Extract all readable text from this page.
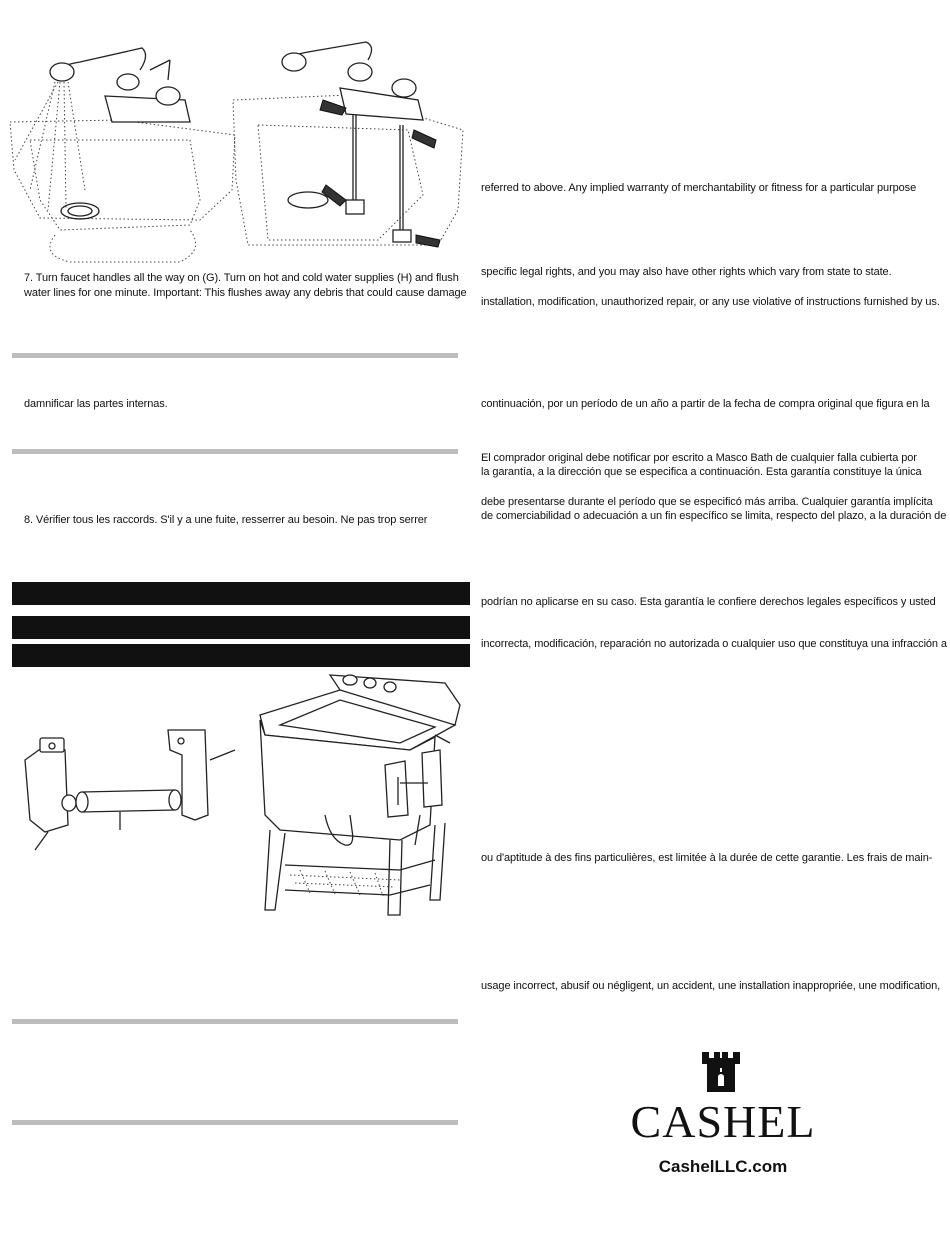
7. Turn faucet handles all the way on (G). Turn on hot and cold water supplies (H) and flush
water lines for one minute. Important: This flushes away any debris that could cause damage
damnificar las partes internas.
8. Vérifier tous les raccords. S'il y a une fuite, resserrer au besoin. Ne pas trop serrer
referred to above. Any implied warranty of merchantability or fitness for a particular purpose
specific legal rights, and you may also have other rights which vary from state to state.
installation, modification, unauthorized repair, or any use violative of instructions furnished by us.
continuación, por un período de un año a partir de la fecha de compra original que figura en la
El comprador original debe notificar por escrito a Masco Bath de cualquier falla cubierta por
la garantía, a la dirección que se especifica a continuación. Esta garantía constituye la única
debe presentarse durante el período que se especificó más arriba. Cualquier garantía implícita
de comerciabilidad o adecuación a un fin específico se limita, respecto del plazo, a la duración de
podrían no aplicarse en su caso. Esta garantía le confiere derechos legales específicos y usted
incorrecta, modificación, reparación no autorizada o cualquier uso que constituya una infracción a
ou d'aptitude à des fins particulières, est limitée à la durée de cette garantie. Les frais de main-
usage incorrect, abusif ou négligent, un accident, une installation inappropriée, une modification,
CASHEL
CashelLLC.com
